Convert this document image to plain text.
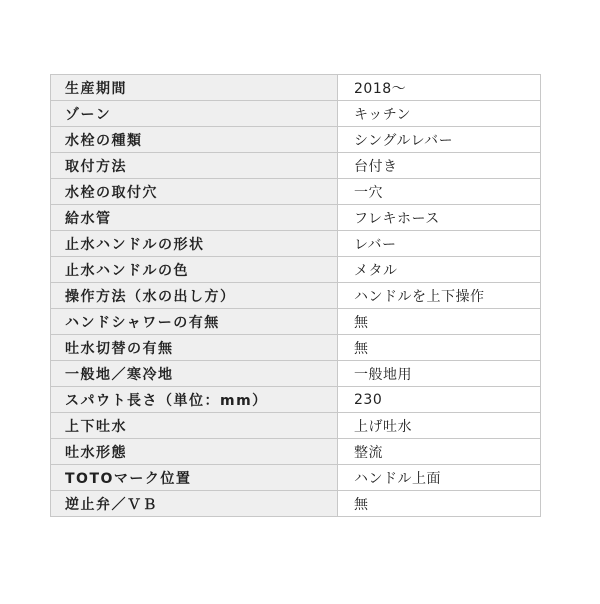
生産期間	2018～
ゾーン	キッチン
水栓の種類	シングルレバー
取付方法	台付き
水栓の取付穴	一穴
給水管	フレキホース
止水ハンドルの形状	レバー
止水ハンドルの色	メタル
操作方法（水の出し方）	ハンドルを上下操作
ハンドシャワーの有無	無
吐水切替の有無	無
一般地／寒冷地	一般地用
スパウト長さ（単位：mm）	230
上下吐水	上げ吐水
吐水形態	整流
TOTOマーク位置	ハンドル上面
逆止弁／ＶＢ	無
